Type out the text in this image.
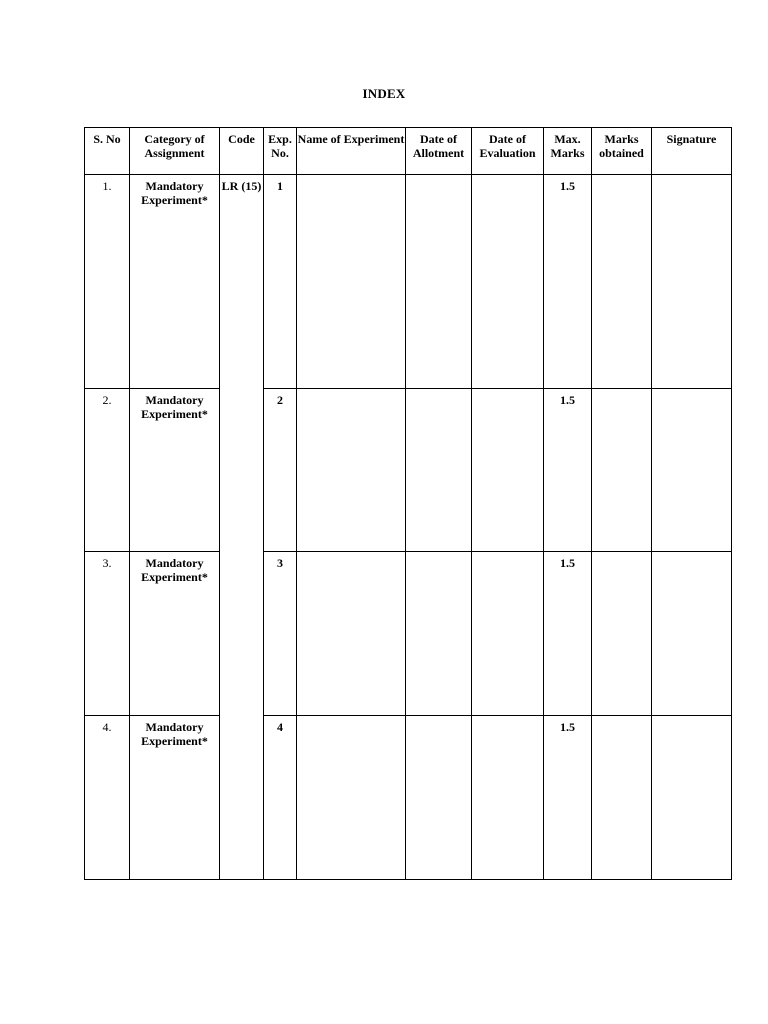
INDEX
S. No	Category of Assignment	Code	Exp. No.	Name of Experiment	Date of Allotment	Date of Evaluation	Max. Marks	Marks obtained	Signature
1.	Mandatory Experiment*	LR (15)	1				1.5		
2.	Mandatory Experiment*		2				1.5		
3.	Mandatory Experiment*		3				1.5		
4.	Mandatory Experiment*		4				1.5		
